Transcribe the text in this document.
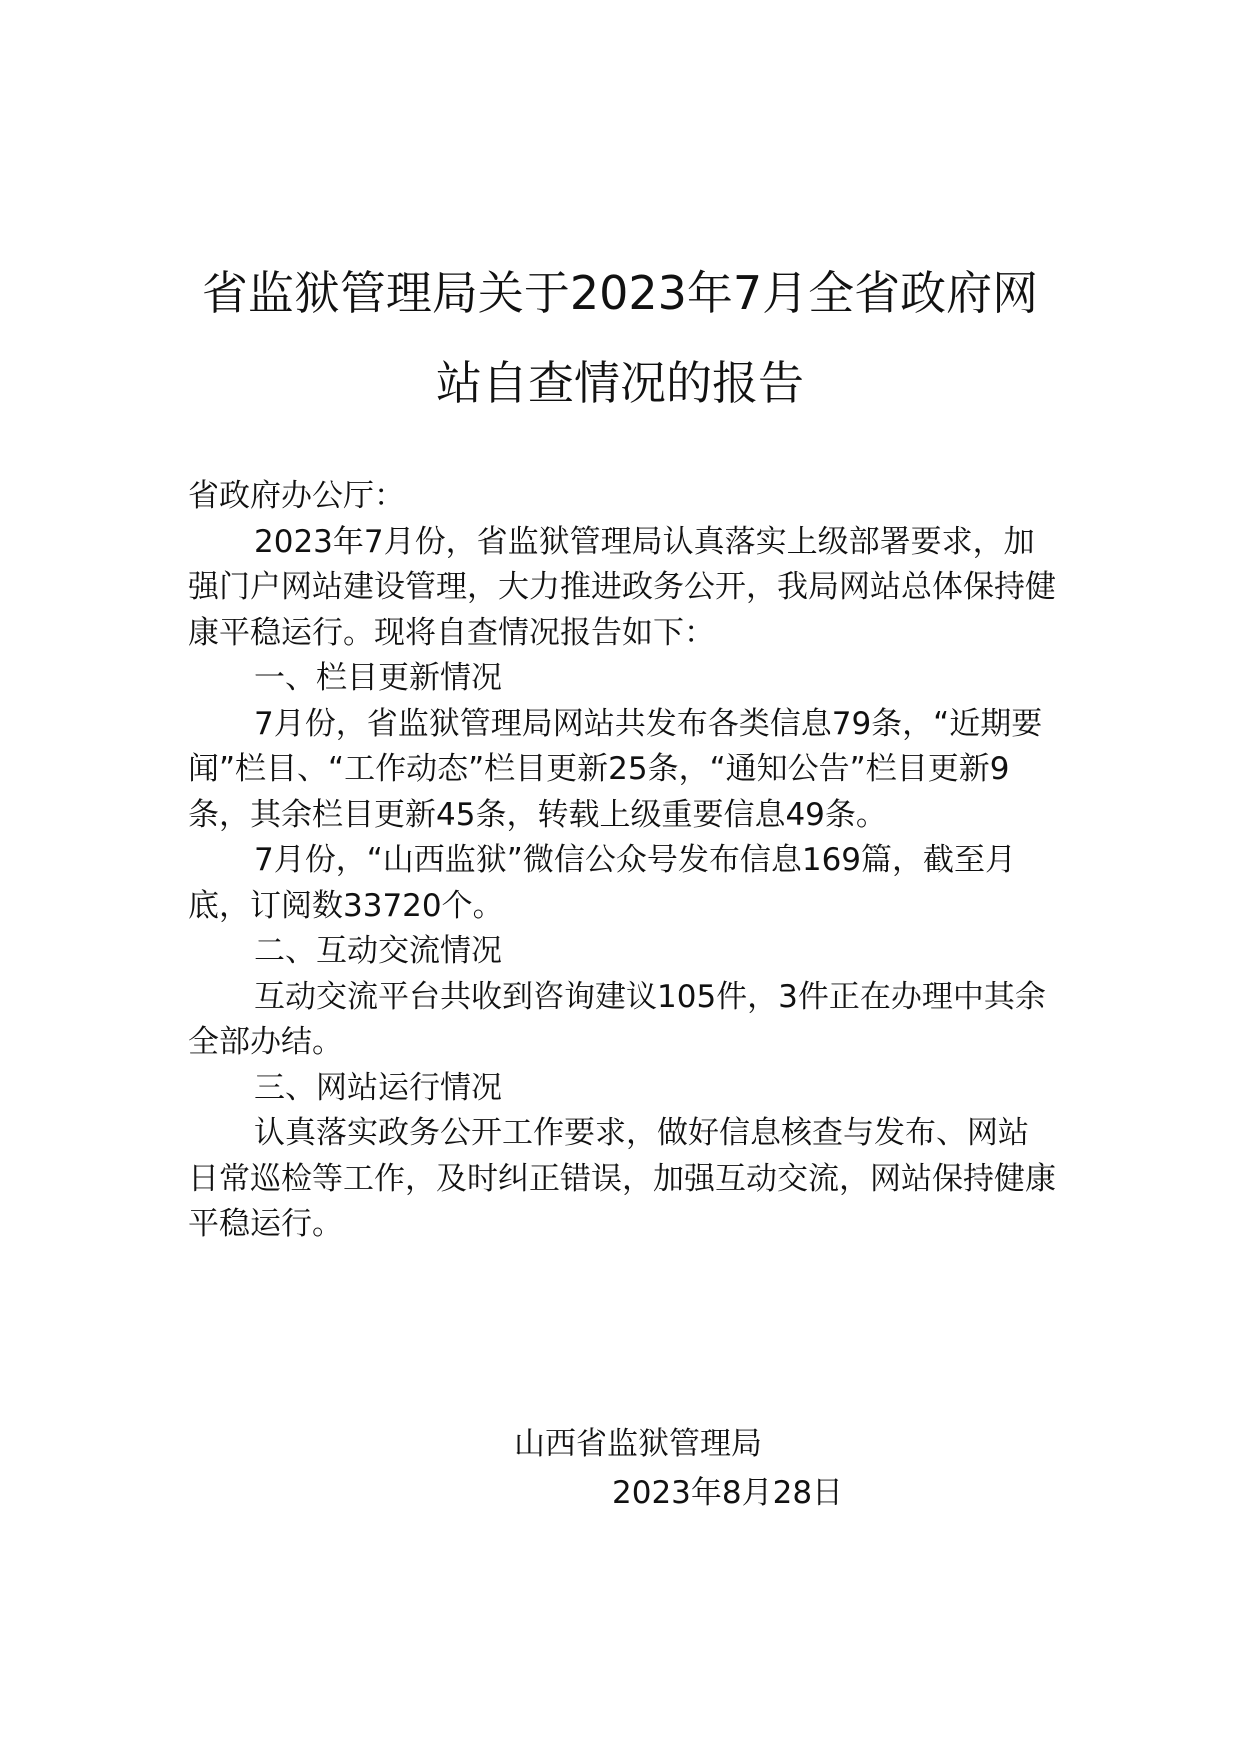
省监狱管理局关于2023年7月全省政府网
站自查情况的报告

省政府办公厅：

2023年7月份，省监狱管理局认真落实上级部署要求，加强门户网站建设管理，大力推进政务公开，我局网站总体保持健康平稳运行。现将自查情况报告如下：

一、栏目更新情况

7月份，省监狱管理局网站共发布各类信息79条，“近期要闻”栏目、“工作动态”栏目更新25条，“通知公告”栏目更新9条，其余栏目更新45条，转载上级重要信息49条。

7月份，“山西监狱”微信公众号发布信息169篇，截至月底，订阅数33720个。

二、互动交流情况

互动交流平台共收到咨询建议105件，3件正在办理中其余全部办结。

三、网站运行情况

认真落实政务公开工作要求，做好信息核查与发布、网站日常巡检等工作，及时纠正错误，加强互动交流，网站保持健康平稳运行。

山西省监狱管理局
2023年8月28日
